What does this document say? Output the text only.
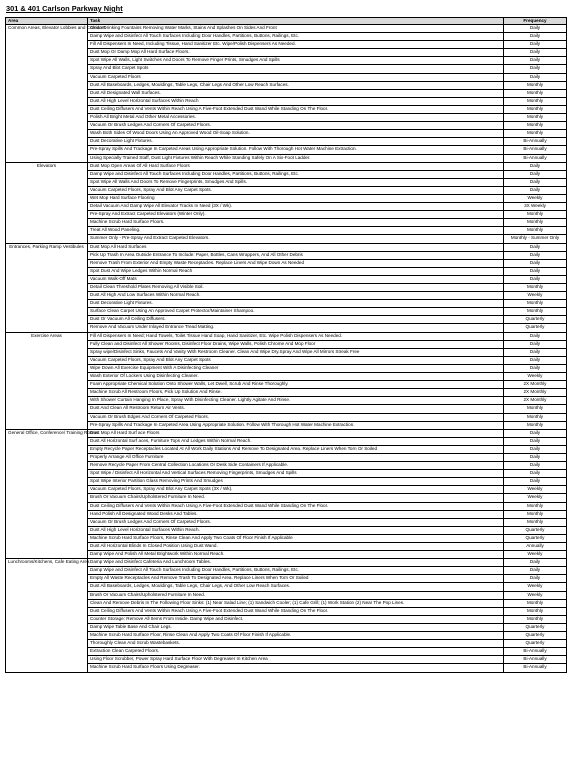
301 & 401 Carlson Parkway Night
Area	Task	Frequency
Common Areas, Elevator Lobbies and Corridors	Clean Drinking Fountains Removing Water Marks, Stains And Splashes On Sides And Front	Daily
	Damp Wipe and Disinfect All Touch Surfaces Including Door Handles, Partitions, Buttons, Railings, Etc.	Daily
	Fill All Dispensers In Need, Including Tissue, Hand Sanitizer Etc. Wipe/Polish Dispensers As Needed.	Daily
	Dust Mop Or Damp Mop All Hard Surface Floors.	Daily
	Spot Wipe All Walls, Light Switches And Doors To Remove Finger Prints, Smudges And Spills	Daily
	Spray And Blot Carpet Spots	Daily
	Vacuum Carpeted Floors	Daily
	Dust All Baseboards, Ledges, Mouldings, Table Legs, Chair Legs And Other Low Reach Surfaces.	Monthly
	Dust All Designated Wall Surfaces.	Monthly
	Dust All High Level Horizontal Surfaces Within Reach	Monthly
	Dust Ceiling Diffusers And Vents Within Reach Using A Five-Foot Extended Dust Wand While Standing On The Floor.	Monthly
	Polish All Bright Metal And Other Metal Accessories.	Monthly
	Vacuum Or Brush Ledges And Corners Of Carpeted Floors.	Monthly
	Wash Both Sides Of Wood Doors Using An Approved Wood Oil-Soap Solution.	Monthly
	Dust Decorative Light Fixtures.	Bi-Annually
	Pre-Spray Spills And Trackage In Carpeted Areas Using Appropriate Solution. Follow With Thorough Hot Water Machine Extraction.	Bi-Annually
	Using Specially Trained Staff, Dust Light Fixtures Within Reach While Standing Safely On A Six-Foot Ladder.	Bi-Annually
Elevators	Dust Mop Open Areas Of All Hard Surface Floors	Daily
	Damp Wipe and Disinfect All Touch Surfaces Including Door Handles, Partitions, Buttons, Railings, Etc.	Daily
	Spot Wipe All Walls And Doors To Remove Fingerprints, Smudges And Spills.	Daily
	Vacuum Carpeted Floors, Spray And Blot Any Carpet Spots.	Daily
	Wet Mop Hard Surface Flooring	Weekly
	Detail Vacuum And Damp Wipe All Elevator Tracks In Need (3X / Wk).	3X Weekly
	Pre-Spray And Extract Carpeted Elevators (Winter Only).	Monthly
	Machine Scrub Hard Surface Floors.	Monthly
	Treat All Wood Paneling.	Monthly
	Summer Only - Pre-Spray And Extract Carpeted Elevators.	Monthly - Summer Only
Entrances, Parking Ramp Vestibules	Dust Mop All Hard Surfaces	Daily
	Pick Up Trash In Area Outside Entrance To Include: Paper, Bottles, Cans Wrappers, And All Other Debris	Daily
	Remove Trash From Exterior And Empty Waste Receptacles. Replace Liners And Wipe Down As Needed	Daily
	Spot Dust And Wipe Ledges Within Normal Reach	Daily
	Vacuum Walk-Off Mats	Daily
	Detail Clean Threshold Plates Removing All Visible Soil.	Monthly
	Dust All High And Low Surfaces Within Normal Reach.	Weekly
	Dust Decorative Light Fixtures.	Monthly
	Surface Clean Carpet Using An Approved Carpet Protector/Maintainer Shampoo.	Monthly
	Dust Or Vacuum All Ceiling Diffusers.	Quarterly
	Remove And Vacuum Under Inlayed Entrance Tread Matting.	Quarterly
Exercise Areas	Fill All Dispensers In Need; Hand Towels, Toilet Tissue Hand Soap, Hand Sanitizer, Etc. Wipe Polish Dispensers As Needed.	Daily
	Fully Clean and Disinfect All Shower Rooms, Disinfect Floor Drains, Wipe Walls, Polish Chrome And Mop Floor	Daily
	Spray wipe/Disinfect Sinks, Faucets And Vanity With Restroom Cleaner. Clean And Wipe Dry.Spray And Wipe All Mirrors Streak Free	Daily
	Vacuum Carpeted Floors, Spray And Blot Any Carpet Spots	Daily
	Wipe Down All Exercise Equipment With A Disinfecting Cleaner	Daily
	Wash Exterior Of Lockers Using Disinfecting Cleaner.	Weekly
	Foam Appropriate Chemical Solution Onto Shower Walls, Let Dwell, Scrub And Rinse Thoroughly.	2X Monthly
	Machine Scrub All Restroom Floors, Pick Up Solution And Rinse.	2X Monthly
	With Shower Curtain Hanging In Place, Spray With Disinfecting Cleaner. Lightly Agitate And Rinse.	2X Monthly
	Dust And Clean All Restroom Return Air Vents.	Monthly
	Vacuum Or Brush Edges And Corners Of Carpeted Floors.	Monthly
	Pre-Spray Spills And Trackage In Carpeted Area Using Appropriate Solution. Follow With Thorough Hot Water Machine Extraction.	Monthly
General Office, Conference/ Training Rooms	Dust Mop All Hard Surf ace Floors	Daily
	Dust All Horizontal Surf aces, Furniture Tops And Ledges Within Normal Reach.	Daily
	Empty Recycle Paper Receptacles Located At All Work Daily Stations And Remove To Designated Area. Replace Liners When Torn Or Soiled	Daily
	Properly Arrange All Office Furniture	Daily
	Remove Recycle Paper From Central Collection Locations Or Desk Side Containers If Applicable.	Daily
	Spot Wipe / Disinfect All Horizontal And Vertical Surfaces Removing Fingerprints, Smudges And Spills	Daily
	Spot Wipe Interior Partition Glass Removing Prints And Smudges	Daily
	Vacuum Carpeted Floors, Spray And Blot Any Carpet Spots (3X / Wk).	Weekly
	Brush Or Vacuum Chairs/Upholstered Furniture In Need.	Weekly
	Dust Ceiling Diffusers And Vents Within Reach Using A Five-Foot Extended Dust Wand While Standing On The Floor.	Monthly
	Hand Polish All Designated Wood Desks And Tables.	Monthly
	Vacuum Or Brush Ledges And Corners Of Carpeted Floors.	Monthly
	Dust All High Level Horizontal Surfaces Within Reach.	Quarterly
	Machine Scrub Hard Surface Floors, Rinse Clean And Apply Two Coats Of Floor Finish If Applicable	Quarterly
	Dust All Horizontal Blinds In Closed Position Using Dust Wand.	Annually
	Damp Wipe And Polish All Metal Brightwork Within Normal Reach.	Weekly
Lunchrooms/Kitchens, Cafe Eating Area	Damp Wipe and Disinfect Cafeteria And Lunchroom Tables.	Daily
	Damp Wipe and Disinfect All Touch Surfaces Including Door Handles, Partitions, Buttons, Railings, Etc.	Daily
	Empty All Waste Receptacles And Remove Trash To Designated Area. Replace Liners When Torn Or Soiled	Daily
	Dust All Baseboards, Ledges, Mouldings, Table Legs, Chair Legs, And Other Low Reach Surfaces.	Weekly
	Brush Or Vacuum Chairs/Upholstered Furniture In Need.	Weekly
	Clean And Remove Debris In The Following Floor Sinks: (1) Near Salad Line; (1) Sandwich Cooler; (1) Cafe Grill; (1) Work Station (2) Near The Pop Lines.	Monthly
	Dust Ceiling Diffusers And Vents Within Reach Using A Five-Foot Extended Dust Wand While Standing On The Floor.	Monthly
	Counter Storage: Remove All Items From Inside. Damp Wipe and Disinfect.	Monthly
	Damp Wipe Table Base And Chair Legs.	Quarterly
	Machine Scrub Hard Surface Floor, Rinse Clean And Apply Two Coats Of Floor Finish If Applicable.	Quarterly
	Thoroughly Clean And Scrub Wastebaskets.	Quarterly
	Extraction Clean Carpeted Floors.	Bi-Annually
	Using Floor Scrubber, Power Spray Hard Surface Floor With Degreaser In Kitchen Area	Bi-Annually
	Machine Scrub Hard Surface Floors Using Degreaser.	Bi-Annually
